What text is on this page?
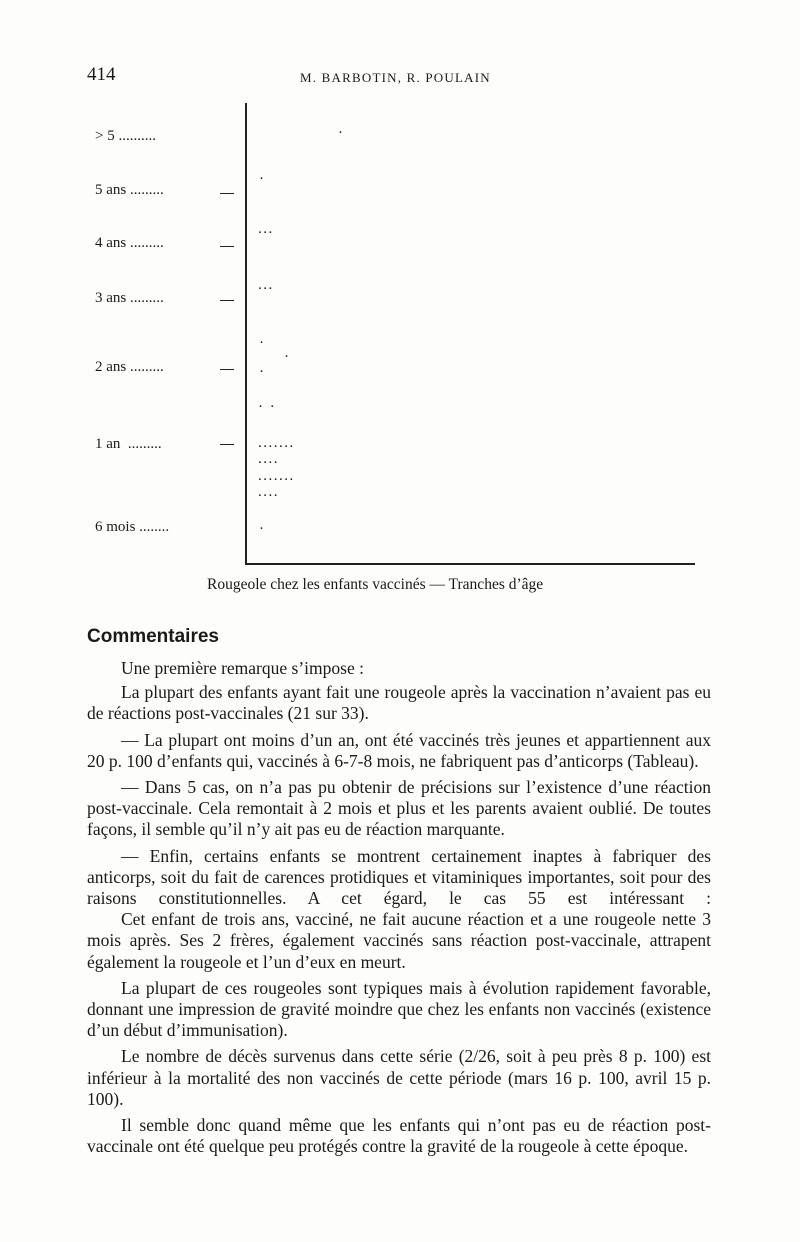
414	M. BARBOTIN, R. POULAIN
> 5 ..........
5 ans .........
4 ans .........
3 ans .........
2 ans .........
1 an  .........
6 mois ........
·
·
...
...
·
·
·
· ·
.......
....
.......
....
·
Rougeole chez les enfants vaccinés — Tranches d’âge
Commentaires

Une première remarque s’impose :

La plupart des enfants ayant fait une rougeole après la vaccination n’avaient pas eu de réactions post-vaccinales (21 sur 33).

— La plupart ont moins d’un an, ont été vaccinés très jeunes et appartiennent aux 20 p. 100 d’enfants qui, vaccinés à 6-7-8 mois, ne fabriquent pas d’anticorps (Tableau).

— Dans 5 cas, on n’a pas pu obtenir de précisions sur l’existence d’une réaction post-vaccinale. Cela remontait à 2 mois et plus et les parents avaient oublié. De toutes façons, il semble qu’il n’y ait pas eu de réaction marquante.

— Enfin, certains enfants se montrent certainement inaptes à fabriquer des anticorps, soit du fait de carences protidiques et vitaminiques importantes, soit pour des raisons constitutionnelles. A cet égard, le cas 55 est intéressant :

Cet enfant de trois ans, vacciné, ne fait aucune réaction et a une rougeole nette 3 mois après. Ses 2 frères, également vaccinés sans réaction post-vaccinale, attrapent également la rougeole et l’un d’eux en meurt.

La plupart de ces rougeoles sont typiques mais à évolution rapidement favorable, donnant une impression de gravité moindre que chez les enfants non vaccinés (existence d’un début d’immunisation).

Le nombre de décès survenus dans cette série (2/26, soit à peu près 8 p. 100) est inférieur à la mortalité des non vaccinés de cette période (mars 16 p. 100, avril 15 p. 100).

Il semble donc quand même que les enfants qui n’ont pas eu de réaction post-vaccinale ont été quelque peu protégés contre la gravité de la rougeole à cette époque.
